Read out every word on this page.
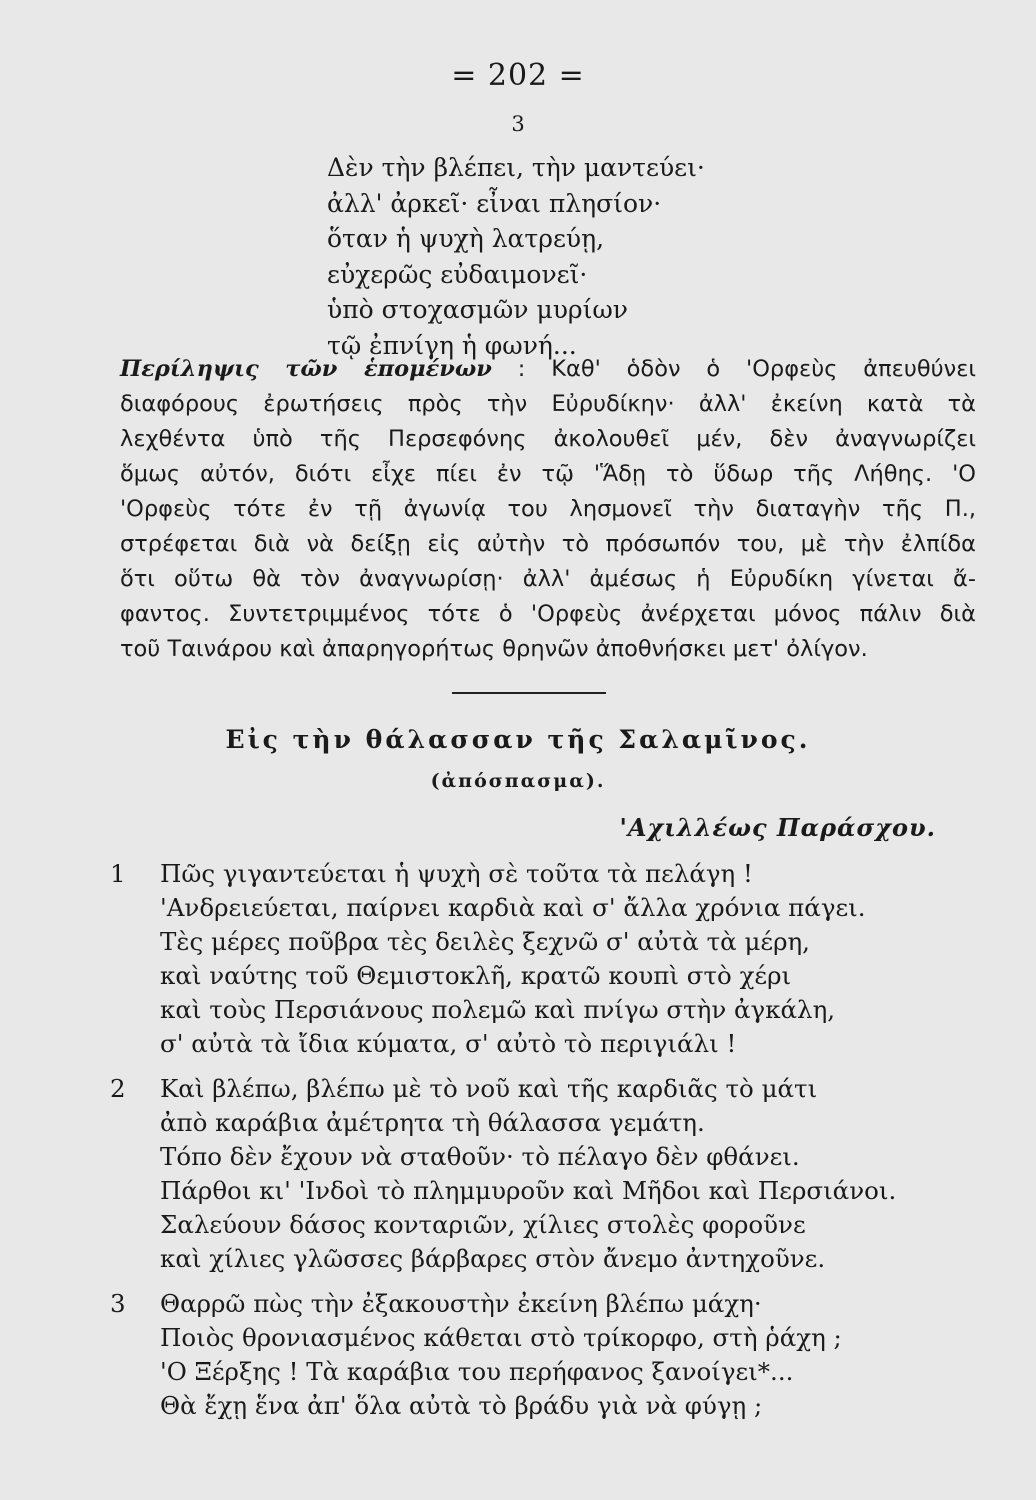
= 202 =
3
Δὲν τὴν βλέπει, τὴν μαντεύει·
ἀλλ' ἀρκεῖ· εἶναι πλησίον·
ὅταν ἡ ψυχὴ λατρεύῃ,
εὐχερῶς εὐδαιμονεῖ·
ὑπὸ στοχασμῶν μυρίων
τῷ ἐπνίγη ἡ φωνή...
Περίληψις τῶν ἑπομένων : Καθ' ὁδὸν ὁ 'Ορφεὺς ἀπευθύνει
διαφόρους ἐρωτήσεις πρὸς τὴν Εὐρυδίκην· ἀλλ' ἐκείνη κατὰ τὰ
λεχθέντα ὑπὸ τῆς Περσεφόνης ἀκολουθεῖ μέν, δὲν ἀναγνωρίζει
ὅμως αὐτόν, διότι εἶχε πίει ἐν τῷ 'Ἅδῃ τὸ ὕδωρ τῆς Λήθης. 'Ο
'Ορφεὺς τότε ἐν τῇ ἀγωνίᾳ του λησμονεῖ τὴν διαταγὴν τῆς Π.,
στρέφεται διὰ νὰ δείξῃ εἰς αὐτὴν τὸ πρόσωπόν του, μὲ τὴν ἐλπίδα
ὅτι οὕτω θὰ τὸν ἀναγνωρίσῃ· ἀλλ' ἀμέσως ἡ Εὐρυδίκη γίνεται ἄ-
φαντος. Συντετριμμένος τότε ὁ 'Ορφεὺς ἀνέρχεται μόνος πάλιν διὰ
τοῦ Ταινάρου καὶ ἀπαρηγορήτως θρηνῶν ἀποθνήσκει μετ' ὀλίγον.
Εἰς τὴν θάλασσαν τῆς Σαλαμῖνος.
(ἀπόσπασμα).
'Αχιλλέως Παράσχου.
1 Πῶς γιγαντεύεται ἡ ψυχὴ σὲ τοῦτα τὰ πελάγη !
'Ανδρειεύεται, παίρνει καρδιὰ καὶ σ' ἄλλα χρόνια πάγει.
Τὲς μέρες ποῦβρα τὲς δειλὲς ξεχνῶ σ' αὐτὰ τὰ μέρη,
καὶ ναύτης τοῦ Θεμιστοκλῆ, κρατῶ κουπὶ στὸ χέρι
καὶ τοὺς Περσιάνους πολεμῶ καὶ πνίγω στὴν ἀγκάλη,
σ' αὐτὰ τὰ ἴδια κύματα, σ' αὐτὸ τὸ περιγιάλι !
2 Καὶ βλέπω, βλέπω μὲ τὸ νοῦ καὶ τῆς καρδιᾶς τὸ μάτι
ἀπὸ καράβια ἀμέτρητα τὴ θάλασσα γεμάτη.
Τόπο δὲν ἔχουν νὰ σταθοῦν· τὸ πέλαγο δὲν φθάνει.
Πάρθοι κι' 'Ινδοὶ τὸ πλημμυροῦν καὶ Μῆδοι καὶ Περσιάνοι.
Σαλεύουν δάσος κονταριῶν, χίλιες στολὲς φοροῦνε
καὶ χίλιες γλῶσσες βάρβαρες στὸν ἄνεμο ἀντηχοῦνε.
3 Θαρρῶ πὼς τὴν ἐξακουστὴν ἐκείνη βλέπω μάχη·
Ποιὸς θρονιασμένος κάθεται στὸ τρίκορφο, στὴ ῥάχη ;
'Ο Ξέρξης ! Τὰ καράβια του περήφανος ξανοίγει*...
Θὰ ἔχῃ ἕνα ἀπ' ὅλα αὐτὰ τὸ βράδυ γιὰ νὰ φύγῃ ;
